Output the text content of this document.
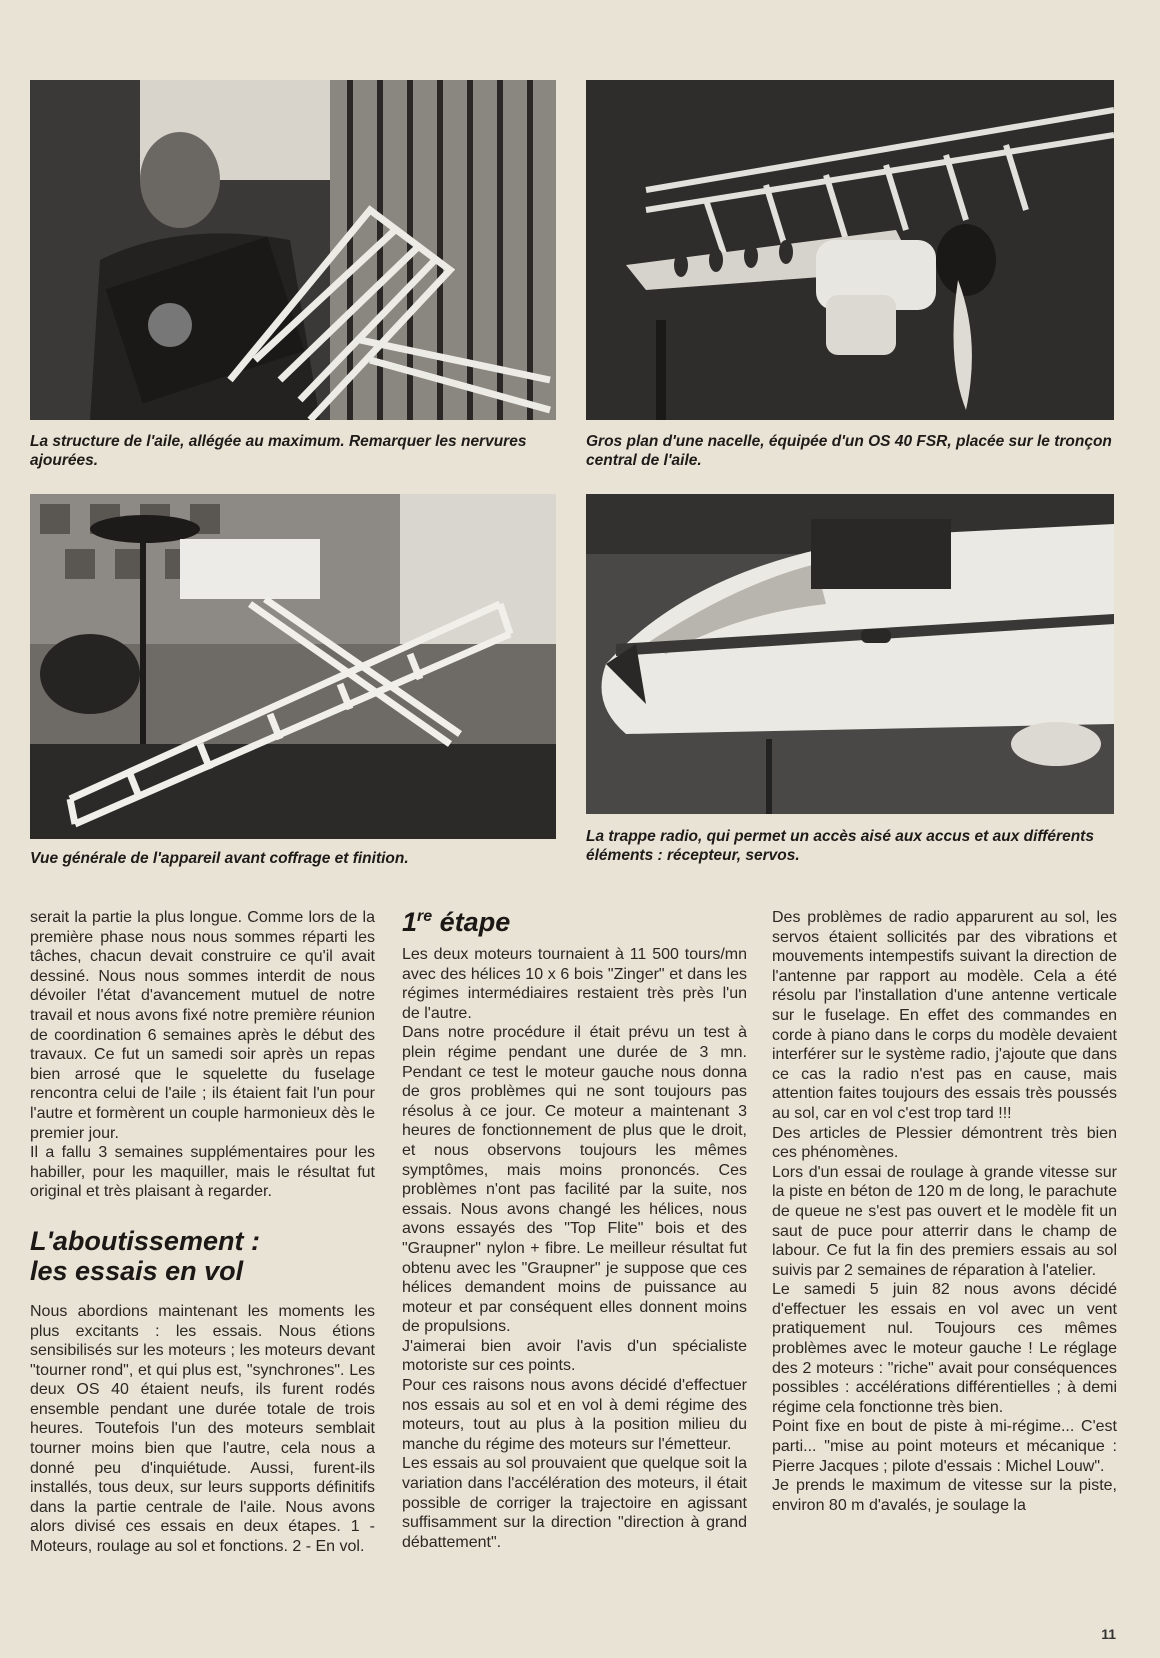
La structure de l'aile, allégée au maximum. Remarquer les nervures ajourées.
Gros plan d'une nacelle, équipée d'un OS 40 FSR, placée sur le tronçon central de l'aile.
Vue générale de l'appareil avant coffrage et finition.
La trappe radio, qui permet un accès aisé aux accus et aux différents éléments : récepteur, servos.

serait la partie la plus longue. Comme lors de la première phase nous nous sommes réparti les tâches, chacun devait construire ce qu'il avait dessiné. Nous nous sommes interdit de nous dévoiler l'état d'avancement mutuel de notre travail et nous avons fixé notre première réunion de coordination 6 semaines après le début des travaux. Ce fut un samedi soir après un repas bien arrosé que le squelette du fuselage rencontra celui de l'aile ; ils étaient fait l'un pour l'autre et formèrent un couple harmonieux dès le premier jour.

Il a fallu 3 semaines supplémentaires pour les habiller, pour les maquiller, mais le résultat fut original et très plaisant à regarder.

L'aboutissement :
les essais en vol

Nous abordions maintenant les moments les plus excitants : les essais. Nous étions sensibilisés sur les moteurs ; les moteurs devant "tourner rond", et qui plus est, "synchrones". Les deux OS 40 étaient neufs, ils furent rodés ensemble pendant une durée totale de trois heures. Toutefois l'un des moteurs semblait tourner moins bien que l'autre, cela nous a donné peu d'inquiétude. Aussi, furent-ils installés, tous deux, sur leurs supports définitifs dans la partie centrale de l'aile. Nous avons alors divisé ces essais en deux étapes. 1 - Moteurs, roulage au sol et fonctions. 2 - En vol.

1re étape

Les deux moteurs tournaient à 11 500 tours/mn avec des hélices 10 x 6 bois "Zinger" et dans les régimes intermédiaires restaient très près l'un de l'autre.

Dans notre procédure il était prévu un test à plein régime pendant une durée de 3 mn. Pendant ce test le moteur gauche nous donna de gros problèmes qui ne sont toujours pas résolus à ce jour. Ce moteur a maintenant 3 heures de fonctionnement de plus que le droit, et nous observons toujours les mêmes symptômes, mais moins prononcés. Ces problèmes n'ont pas facilité par la suite, nos essais. Nous avons changé les hélices, nous avons essayés des "Top Flite" bois et des "Graupner" nylon + fibre. Le meilleur résultat fut obtenu avec les "Graupner" je suppose que ces hélices demandent moins de puissance au moteur et par conséquent elles donnent moins de propulsions.

J'aimerai bien avoir l'avis d'un spécialiste motoriste sur ces points.

Pour ces raisons nous avons décidé d'effectuer nos essais au sol et en vol à demi régime des moteurs, tout au plus à la position milieu du manche du régime des moteurs sur l'émetteur.

Les essais au sol prouvaient que quelque soit la variation dans l'accélération des moteurs, il était possible de corriger la trajectoire en agissant suffisamment sur la direction "direction à grand débattement".

Des problèmes de radio apparurent au sol, les servos étaient sollicités par des vibrations et mouvements intempestifs suivant la direction de l'antenne par rapport au modèle. Cela a été résolu par l'installation d'une antenne verticale sur le fuselage. En effet des commandes en corde à piano dans le corps du modèle devaient interférer sur le système radio, j'ajoute que dans ce cas la radio n'est pas en cause, mais attention faites toujours des essais très poussés au sol, car en vol c'est trop tard !!!

Des articles de Plessier démontrent très bien ces phénomènes.

Lors d'un essai de roulage à grande vitesse sur la piste en béton de 120 m de long, le parachute de queue ne s'est pas ouvert et le modèle fit un saut de puce pour atterrir dans le champ de labour. Ce fut la fin des premiers essais au sol suivis par 2 semaines de réparation à l'atelier.

Le samedi 5 juin 82 nous avons décidé d'effectuer les essais en vol avec un vent pratiquement nul. Toujours ces mêmes problèmes avec le moteur gauche ! Le réglage des 2 moteurs : "riche" avait pour conséquences possibles : accélérations différentielles ; à demi régime cela fonctionne très bien.

Point fixe en bout de piste à mi-régime... C'est parti... "mise au point moteurs et mécanique : Pierre Jacques ; pilote d'essais : Michel Louw".

Je prends le maximum de vitesse sur la piste, environ 80 m d'avalés, je soulage la

11
